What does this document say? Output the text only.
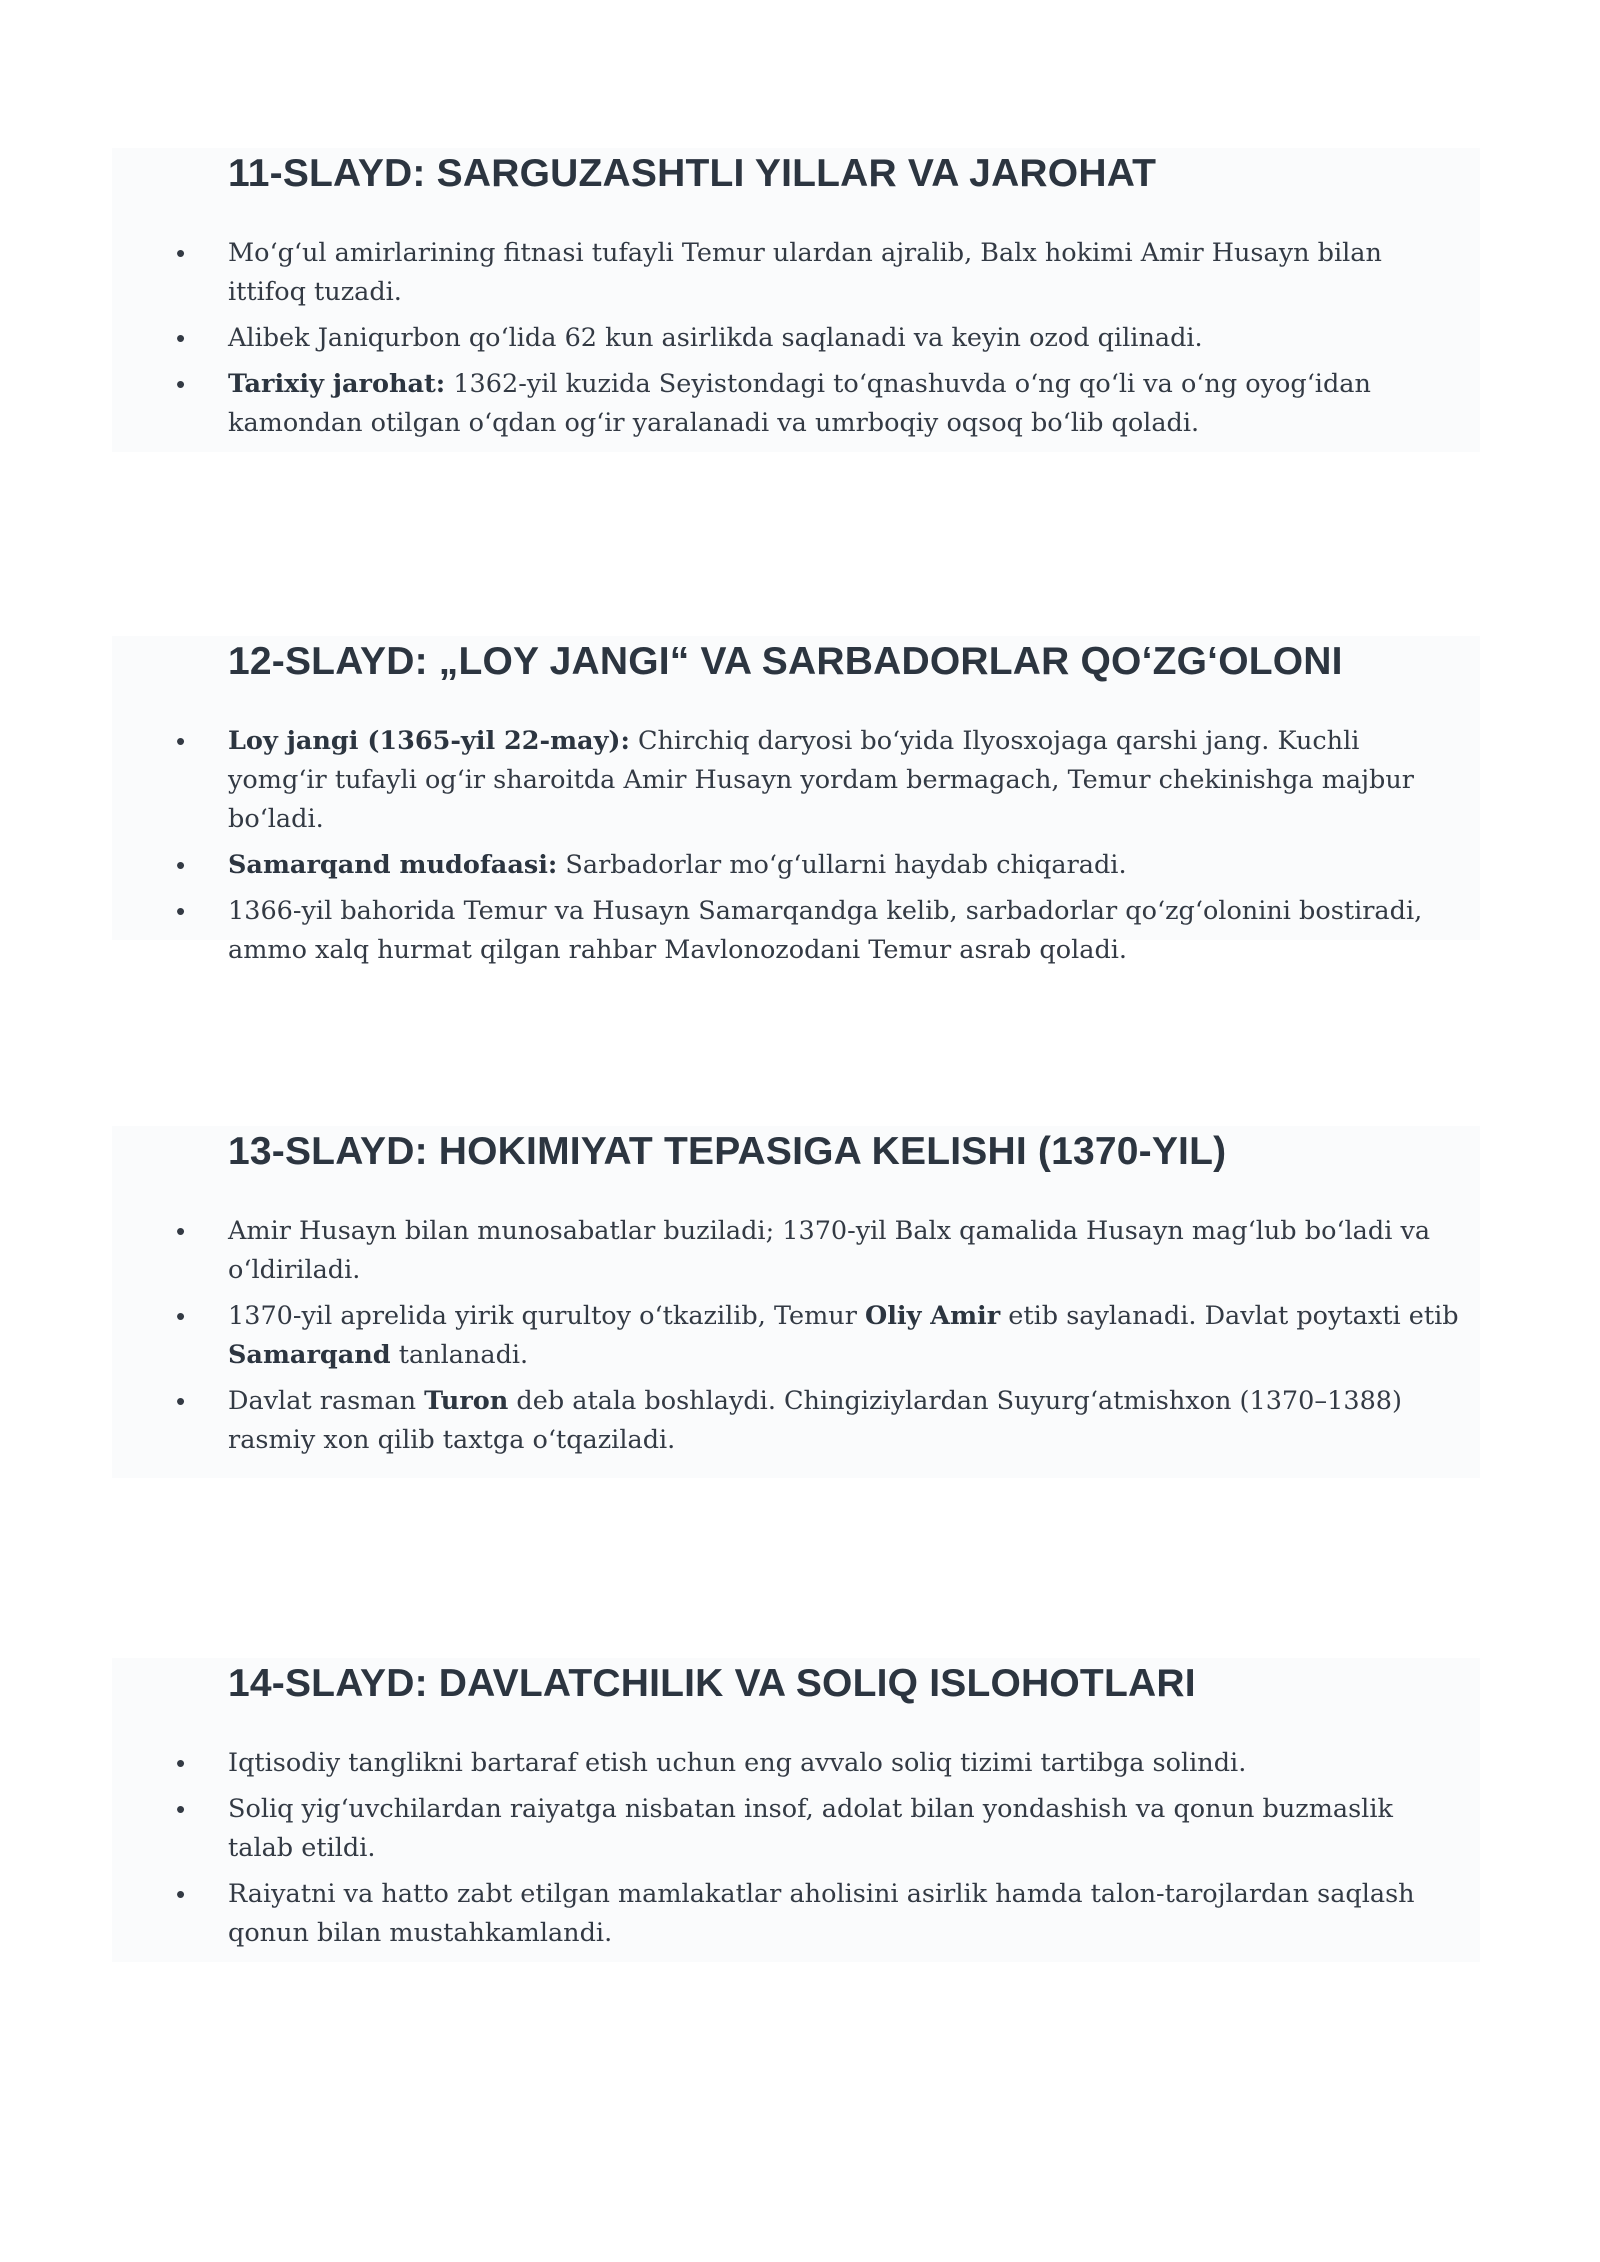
11-SLAYD: SARGUZASHTLI YILLAR VA JAROHAT
• Mo‘g‘ul amirlarining fitnasi tufayli Temur ulardan ajralib, Balx hokimi Amir Husayn bilan ittifoq tuzadi.
• Alibek Janiqurbon qo‘lida 62 kun asirlikda saqlanadi va keyin ozod qilinadi.
• Tarixiy jarohat: 1362-yil kuzida Seyistondagi to‘qnashuvda o‘ng qo‘li va o‘ng oyog‘idan kamondan otilgan o‘qdan og‘ir yaralanadi va umrboqiy oqsoq bo‘lib qoladi.
12-SLAYD: „LOY JANGI“ VA SARBADORLAR QO‘ZG‘OLONI
• Loy jangi (1365-yil 22-may): Chirchiq daryosi bo‘yida Ilyosxojaga qarshi jang. Kuchli yomg‘ir tufayli og‘ir sharoitda Amir Husayn yordam bermagach, Temur chekinishga majbur bo‘ladi.
• Samarqand mudofaasi: Sarbadorlar mo‘g‘ullarni haydab chiqaradi.
• 1366-yil bahorida Temur va Husayn Samarqandga kelib, sarbadorlar qo‘zg‘olonini bostiradi, ammo xalq hurmat qilgan rahbar Mavlonozodani Temur asrab qoladi.
13-SLAYD: HOKIMIYAT TEPASIGA KELISHI (1370-YIL)
• Amir Husayn bilan munosabatlar buziladi; 1370-yil Balx qamalida Husayn mag‘lub bo‘ladi va o‘ldiriladi.
• 1370-yil aprelida yirik qurultoy o‘tkazilib, Temur Oliy Amir etib saylanadi. Davlat poytaxti etib Samarqand tanlanadi.
• Davlat rasman Turon deb atala boshlaydi. Chingiziylardan Suyurg‘atmishxon (1370–1388) rasmiy xon qilib taxtga o‘tqaziladi.
14-SLAYD: DAVLATCHILIK VA SOLIQ ISLOHOTLARI
• Iqtisodiy tanglikni bartaraf etish uchun eng avvalo soliq tizimi tartibga solindi.
• Soliq yig‘uvchilardan raiyatga nisbatan insof, adolat bilan yondashish va qonun buzmaslik talab etildi.
• Raiyatni va hatto zabt etilgan mamlakatlar aholisini asirlik hamda talon-tarojlardan saqlash qonun bilan mustahkamlandi.
